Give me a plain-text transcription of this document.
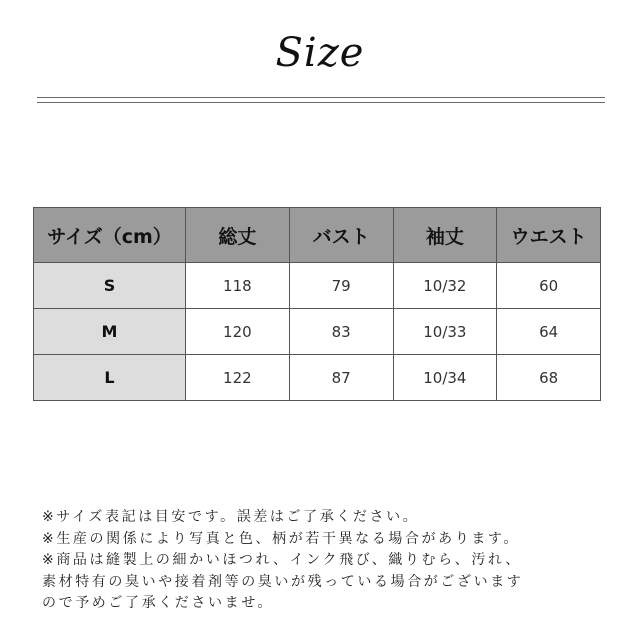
Size
サイズ（cm）	総丈	バスト	袖丈	ウエスト
S	118	79	10/32	60
M	120	83	10/33	64
L	122	87	10/34	68
※サイズ表記は目安です。誤差はご了承ください。
※生産の関係により写真と色、柄が若干異なる場合があります。
※商品は縫製上の細かいほつれ、インク飛び、織りむら、汚れ、
素材特有の臭いや接着剤等の臭いが残っている場合がございます
ので予めご了承くださいませ。
